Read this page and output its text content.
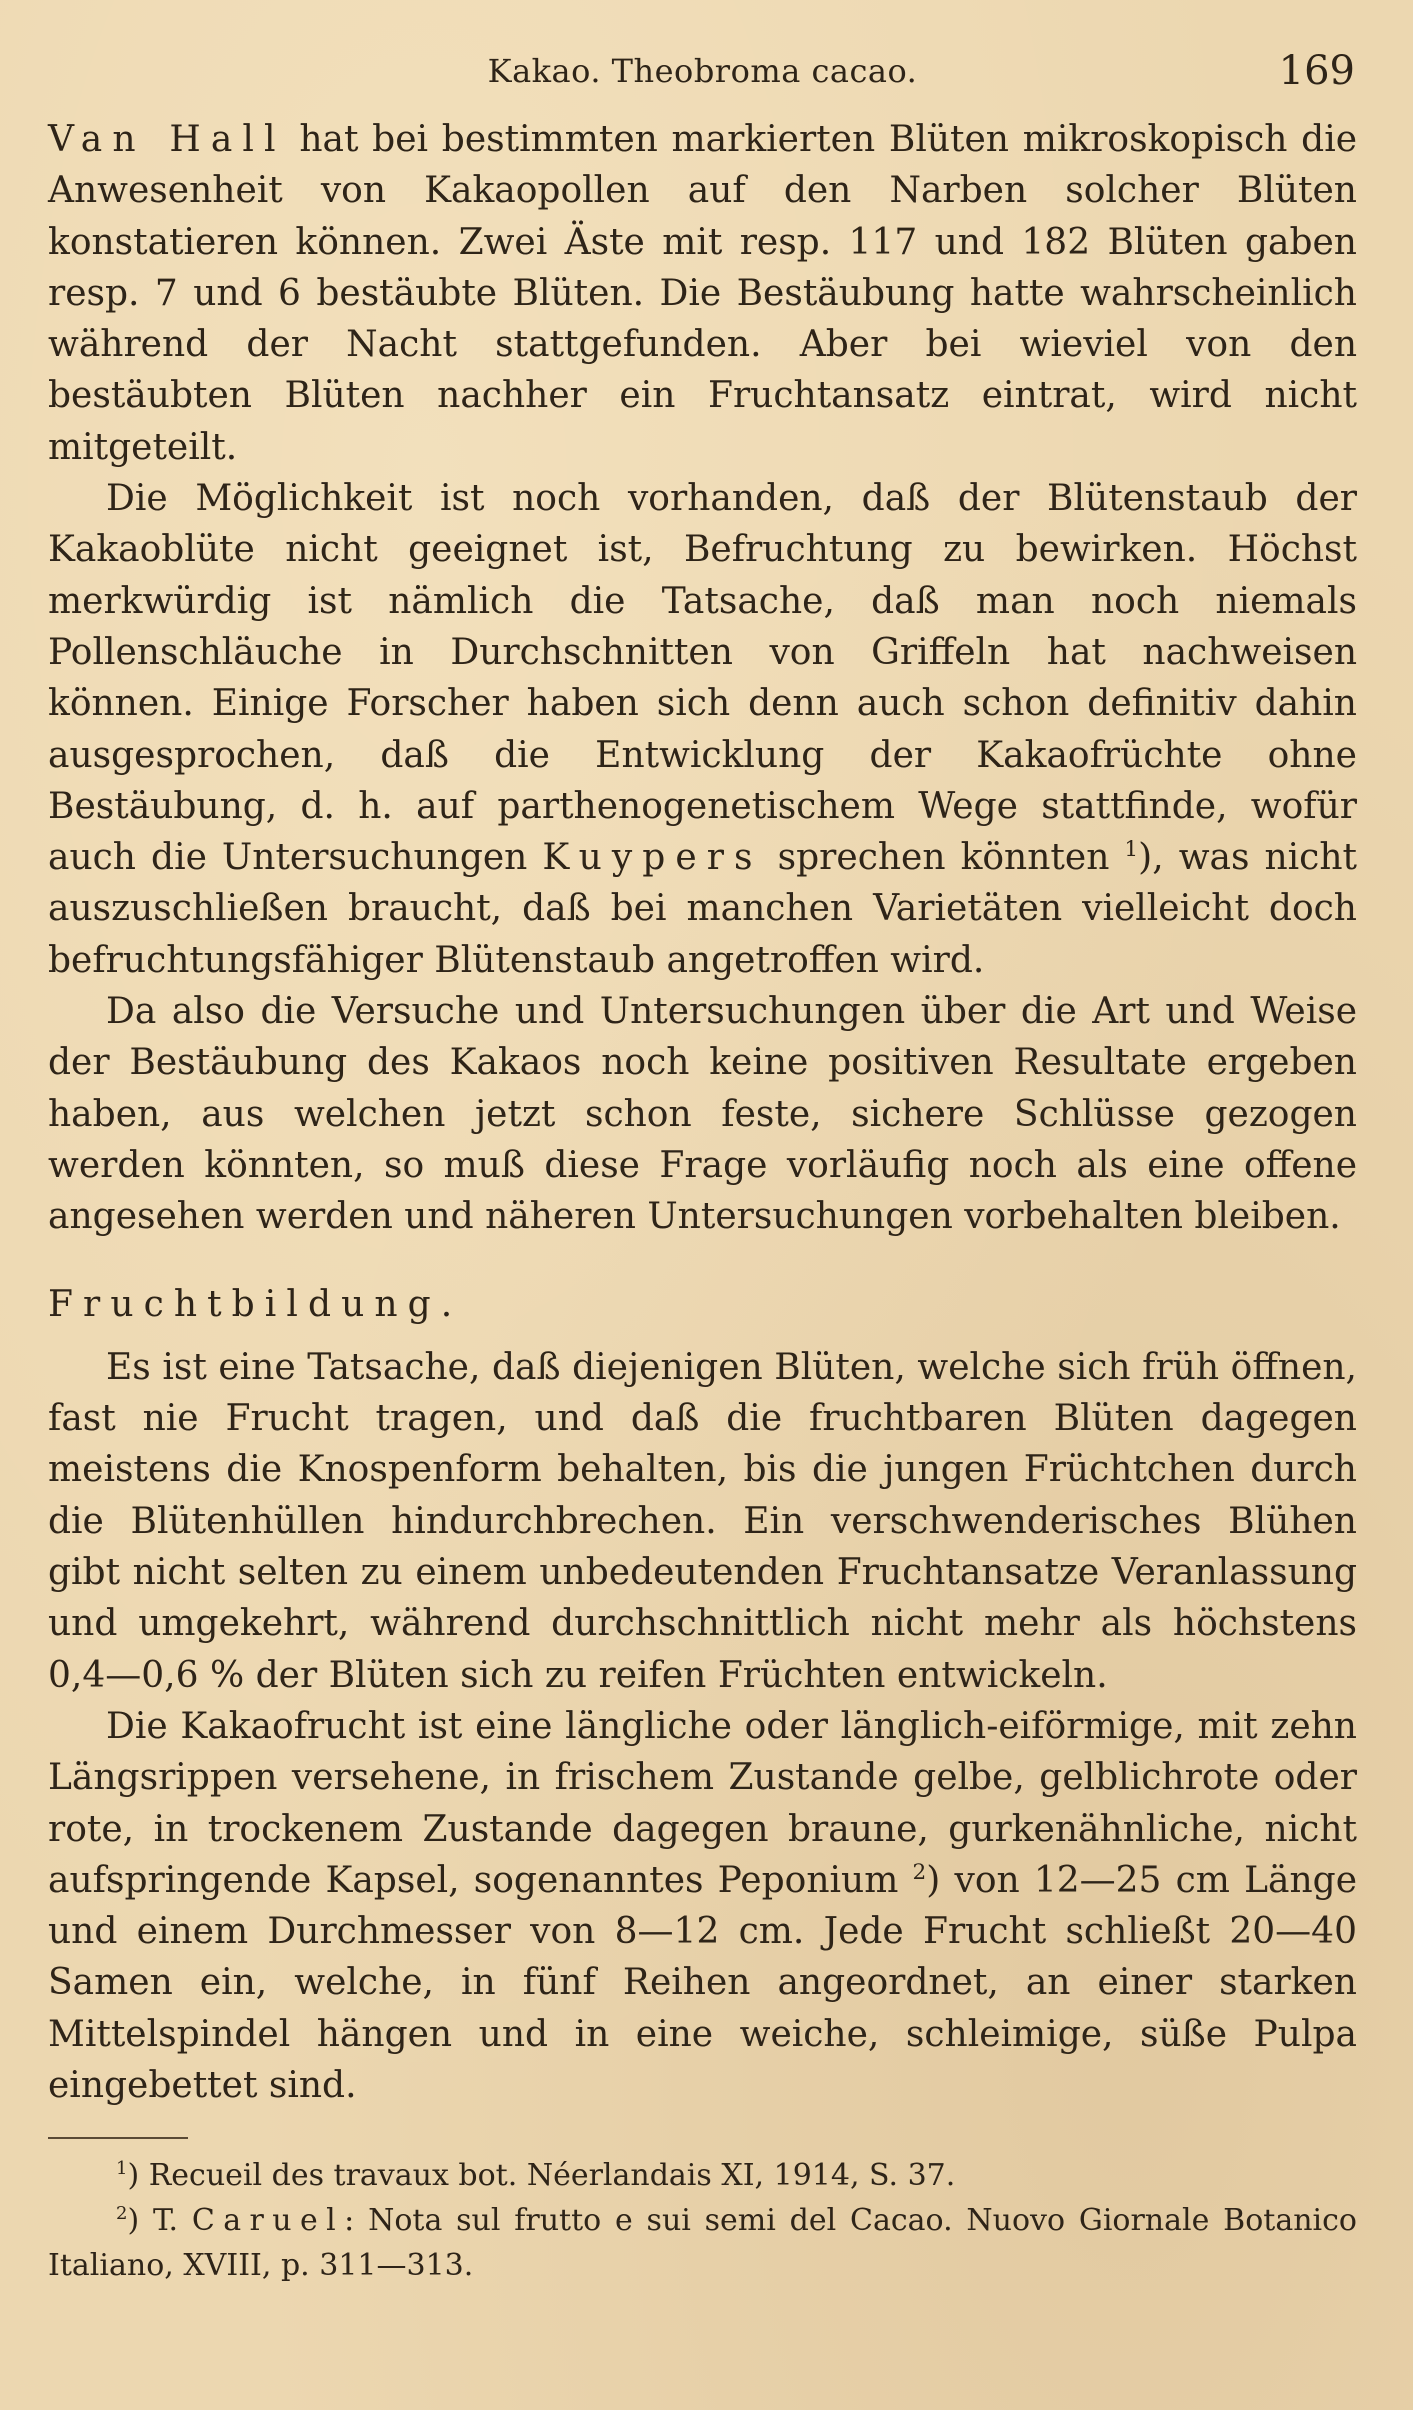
Kakao. Theobroma cacao.	169

Van Hall hat bei bestimmten markierten Blüten mikroskopisch die Anwesenheit von Kakaopollen auf den Narben solcher Blüten konstatieren können. Zwei Äste mit resp. 117 und 182 Blüten gaben resp. 7 und 6 bestäubte Blüten. Die Bestäubung hatte wahrscheinlich während der Nacht stattgefunden. Aber bei wieviel von den bestäubten Blüten nachher ein Fruchtansatz eintrat, wird nicht mitgeteilt.

Die Möglichkeit ist noch vorhanden, daß der Blütenstaub der Kakaoblüte nicht geeignet ist, Befruchtung zu bewirken. Höchst merkwürdig ist nämlich die Tatsache, daß man noch niemals Pollenschläuche in Durchschnitten von Griffeln hat nachweisen können. Einige Forscher haben sich denn auch schon definitiv dahin ausgesprochen, daß die Entwicklung der Kakaofrüchte ohne Bestäubung, d. h. auf parthenogenetischem Wege stattfinde, wofür auch die Untersuchungen Kuypers sprechen könnten $^1$), was nicht auszuschließen braucht, daß bei manchen Varietäten vielleicht doch befruchtungsfähiger Blütenstaub angetroffen wird.

Da also die Versuche und Untersuchungen über die Art und Weise der Bestäubung des Kakaos noch keine positiven Resultate ergeben haben, aus welchen jetzt schon feste, sichere Schlüsse gezogen werden könnten, so muß diese Frage vorläufig noch als eine offene angesehen werden und näheren Untersuchungen vorbehalten bleiben.

Fruchtbildung.

Es ist eine Tatsache, daß diejenigen Blüten, welche sich früh öffnen, fast nie Frucht tragen, und daß die fruchtbaren Blüten dagegen meistens die Knospenform behalten, bis die jungen Früchtchen durch die Blütenhüllen hindurchbrechen. Ein verschwenderisches Blühen gibt nicht selten zu einem unbedeutenden Fruchtansatze Veranlassung und umgekehrt, während durchschnittlich nicht mehr als höchstens 0,4—0,6 % der Blüten sich zu reifen Früchten entwickeln.

Die Kakaofrucht ist eine längliche oder länglich-eiförmige, mit zehn Längsrippen versehene, in frischem Zustande gelbe, gelblichrote oder rote, in trockenem Zustande dagegen braune, gurkenähnliche, nicht aufspringende Kapsel, sogenanntes Peponium $^2$) von 12—25 cm Länge und einem Durchmesser von 8—12 cm. Jede Frucht schließt 20—40 Samen ein, welche, in fünf Reihen angeordnet, an einer starken Mittelspindel hängen und in eine weiche, schleimige, süße Pulpa eingebettet sind.

$^1$) Recueil des travaux bot. Néerlandais XI, 1914, S. 37.

$^2$) T. Caruel: Nota sul frutto e sui semi del Cacao. Nuovo Giornale Botanico Italiano, XVIII, p. 311—313.
